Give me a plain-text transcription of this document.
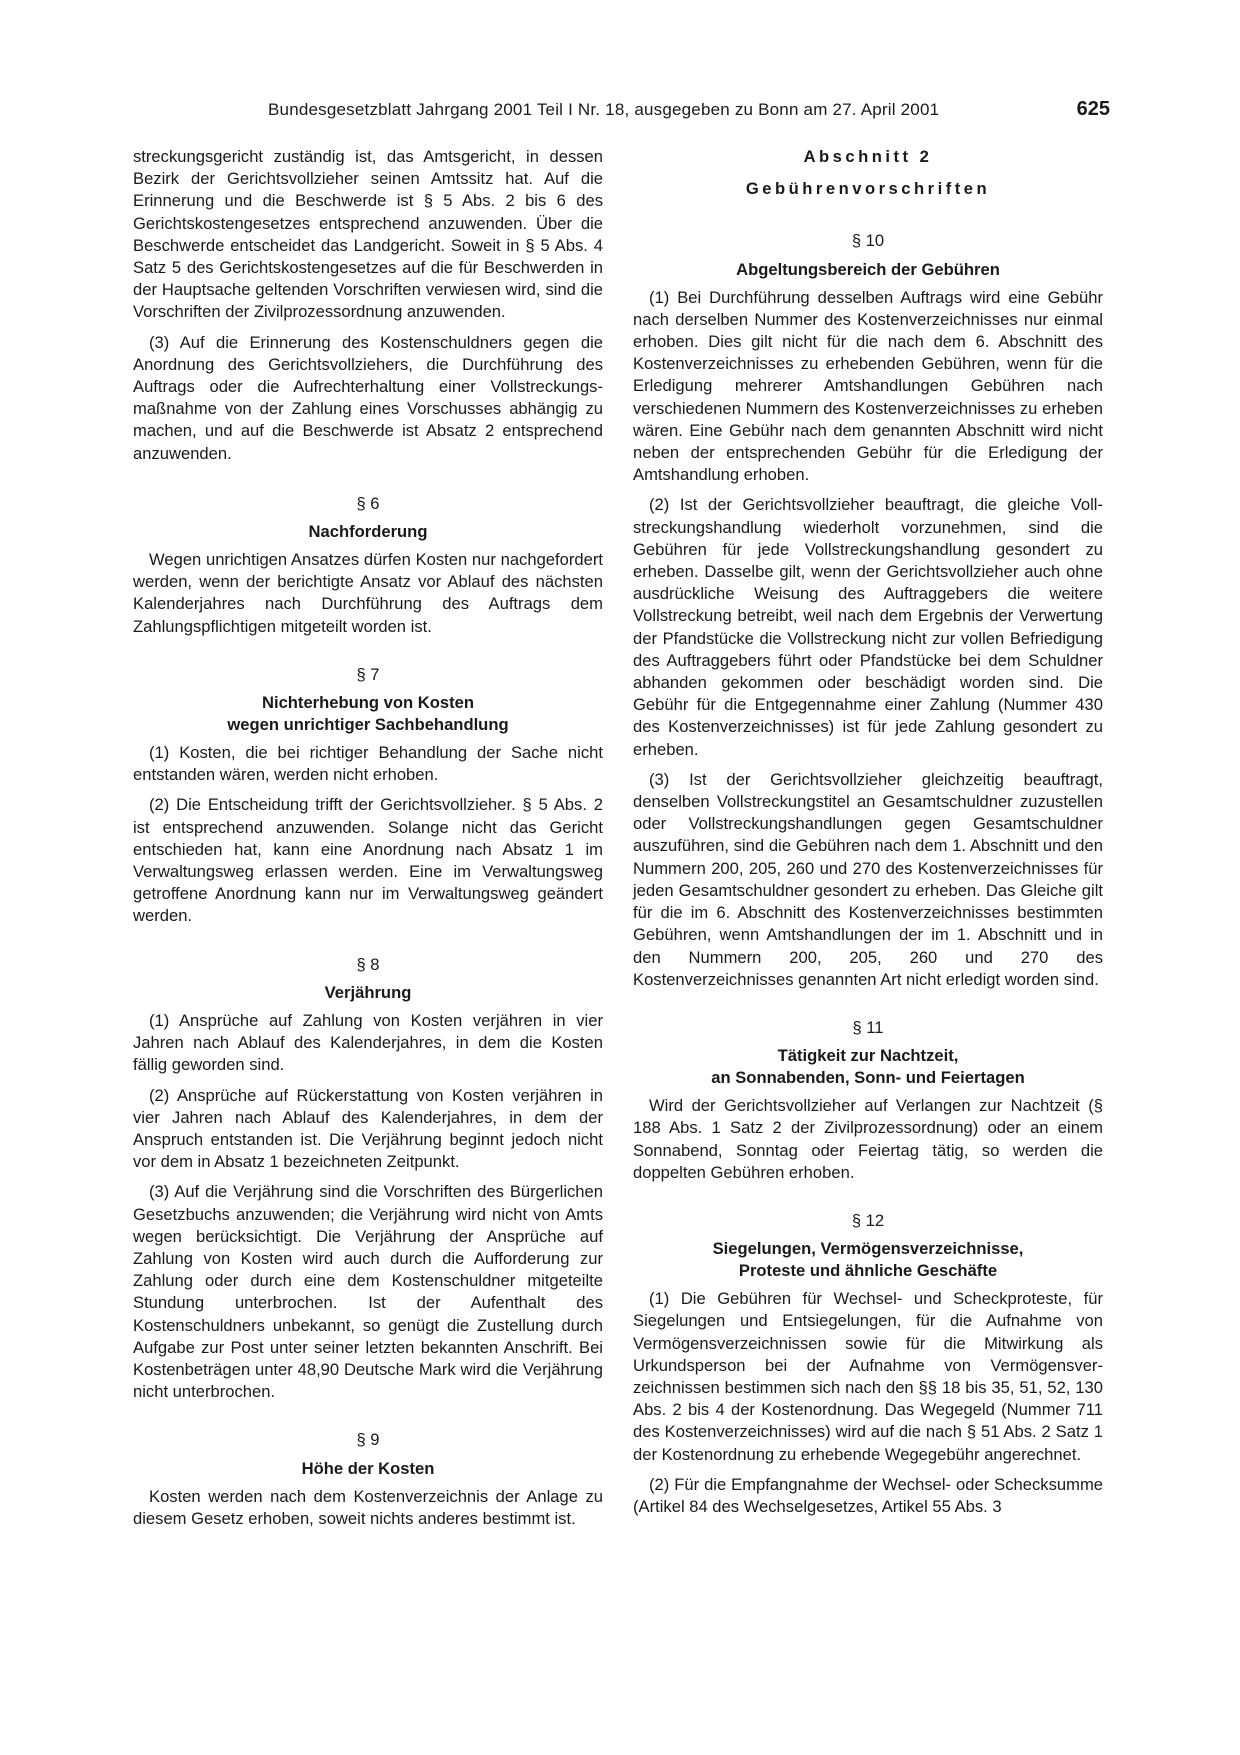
Bundesgesetzblatt Jahrgang 2001 Teil I Nr. 18, ausgegeben zu Bonn am 27. April 2001	625

streckungsgericht zuständig ist, das Amtsgericht, in dessen Bezirk der Gerichtsvollzieher seinen Amtssitz hat. Auf die Erinnerung und die Beschwerde ist § 5 Abs. 2 bis 6 des Gerichtskostengesetzes entsprechend anzuwenden. Über die Beschwerde entscheidet das Landgericht. Soweit in § 5 Abs. 4 Satz 5 des Gerichtskostengesetzes auf die für Beschwerden in der Hauptsache geltenden Vorschriften verwiesen wird, sind die Vorschriften der Zivilprozessordnung anzuwenden.

(3) Auf die Erinnerung des Kostenschuldners gegen die Anordnung des Gerichtsvollziehers, die Durchführung des Auftrags oder die Aufrechterhaltung einer Vollstreckungsmaßnahme von der Zahlung eines Vorschusses abhängig zu machen, und auf die Beschwerde ist Absatz 2 entsprechend anzuwenden.

§ 6
Nachforderung

Wegen unrichtigen Ansatzes dürfen Kosten nur nachgefordert werden, wenn der berichtigte Ansatz vor Ablauf des nächsten Kalenderjahres nach Durchführung des Auftrags dem Zahlungspflichtigen mitgeteilt worden ist.

§ 7
Nichterhebung von Kosten
wegen unrichtiger Sachbehandlung

(1) Kosten, die bei richtiger Behandlung der Sache nicht entstanden wären, werden nicht erhoben.

(2) Die Entscheidung trifft der Gerichtsvollzieher. § 5 Abs. 2 ist entsprechend anzuwenden. Solange nicht das Gericht entschieden hat, kann eine Anordnung nach Absatz 1 im Verwaltungsweg erlassen werden. Eine im Verwaltungsweg getroffene Anordnung kann nur im Verwaltungsweg geändert werden.

§ 8
Verjährung

(1) Ansprüche auf Zahlung von Kosten verjähren in vier Jahren nach Ablauf des Kalenderjahres, in dem die Kosten fällig geworden sind.

(2) Ansprüche auf Rückerstattung von Kosten verjähren in vier Jahren nach Ablauf des Kalenderjahres, in dem der Anspruch entstanden ist. Die Verjährung beginnt jedoch nicht vor dem in Absatz 1 bezeichneten Zeitpunkt.

(3) Auf die Verjährung sind die Vorschriften des Bürgerlichen Gesetzbuchs anzuwenden; die Verjährung wird nicht von Amts wegen berücksichtigt. Die Verjährung der Ansprüche auf Zahlung von Kosten wird auch durch die Aufforderung zur Zahlung oder durch eine dem Kostenschuldner mitgeteilte Stundung unterbrochen. Ist der Aufenthalt des Kostenschuldners unbekannt, so genügt die Zustellung durch Aufgabe zur Post unter seiner letzten bekannten Anschrift. Bei Kostenbeträgen unter 48,90 Deutsche Mark wird die Verjährung nicht unterbrochen.

§ 9
Höhe der Kosten

Kosten werden nach dem Kostenverzeichnis der Anlage zu diesem Gesetz erhoben, soweit nichts anderes bestimmt ist.

Abschnitt 2
Gebührenvorschriften
§ 10
Abgeltungsbereich der Gebühren

(1) Bei Durchführung desselben Auftrags wird eine Gebühr nach derselben Nummer des Kostenverzeichnisses nur einmal erhoben. Dies gilt nicht für die nach dem 6. Abschnitt des Kostenverzeichnisses zu erhebenden Gebühren, wenn für die Erledigung mehrerer Amtshandlungen Gebühren nach verschiedenen Nummern des Kostenverzeichnisses zu erheben wären. Eine Gebühr nach dem genannten Abschnitt wird nicht neben der entsprechenden Gebühr für die Erledigung der Amtshandlung erhoben.

(2) Ist der Gerichtsvollzieher beauftragt, die gleiche Vollstreckungshandlung wiederholt vorzunehmen, sind die Gebühren für jede Vollstreckungshandlung gesondert zu erheben. Dasselbe gilt, wenn der Gerichtsvollzieher auch ohne ausdrückliche Weisung des Auftraggebers die weitere Vollstreckung betreibt, weil nach dem Ergebnis der Verwertung der Pfandstücke die Vollstreckung nicht zur vollen Befriedigung des Auftraggebers führt oder Pfandstücke bei dem Schuldner abhanden gekommen oder beschädigt worden sind. Die Gebühr für die Entgegennahme einer Zahlung (Nummer 430 des Kostenverzeichnisses) ist für jede Zahlung gesondert zu erheben.

(3) Ist der Gerichtsvollzieher gleichzeitig beauftragt, denselben Vollstreckungstitel an Gesamtschuldner zuzustellen oder Vollstreckungshandlungen gegen Gesamtschuldner auszuführen, sind die Gebühren nach dem 1. Abschnitt und den Nummern 200, 205, 260 und 270 des Kostenverzeichnisses für jeden Gesamtschuldner gesondert zu erheben. Das Gleiche gilt für die im 6. Abschnitt des Kostenverzeichnisses bestimmten Gebühren, wenn Amtshandlungen der im 1. Abschnitt und in den Nummern 200, 205, 260 und 270 des Kostenverzeichnisses genannten Art nicht erledigt worden sind.

§ 11
Tätigkeit zur Nachtzeit,
an Sonnabenden, Sonn- und Feiertagen

Wird der Gerichtsvollzieher auf Verlangen zur Nachtzeit (§ 188 Abs. 1 Satz 2 der Zivilprozessordnung) oder an einem Sonnabend, Sonntag oder Feiertag tätig, so werden die doppelten Gebühren erhoben.

§ 12
Siegelungen, Vermögensverzeichnisse,
Proteste und ähnliche Geschäfte

(1) Die Gebühren für Wechsel- und Scheckproteste, für Siegelungen und Entsiegelungen, für die Aufnahme von Vermögensverzeichnissen sowie für die Mitwirkung als Urkundsperson bei der Aufnahme von Vermögensverzeichnissen bestimmen sich nach den §§ 18 bis 35, 51, 52, 130 Abs. 2 bis 4 der Kostenordnung. Das Wegegeld (Nummer 711 des Kostenverzeichnisses) wird auf die nach § 51 Abs. 2 Satz 1 der Kostenordnung zu erhebende Wegegebühr angerechnet.

(2) Für die Empfangnahme der Wechsel- oder Schecksumme (Artikel 84 des Wechselgesetzes, Artikel 55 Abs. 3
